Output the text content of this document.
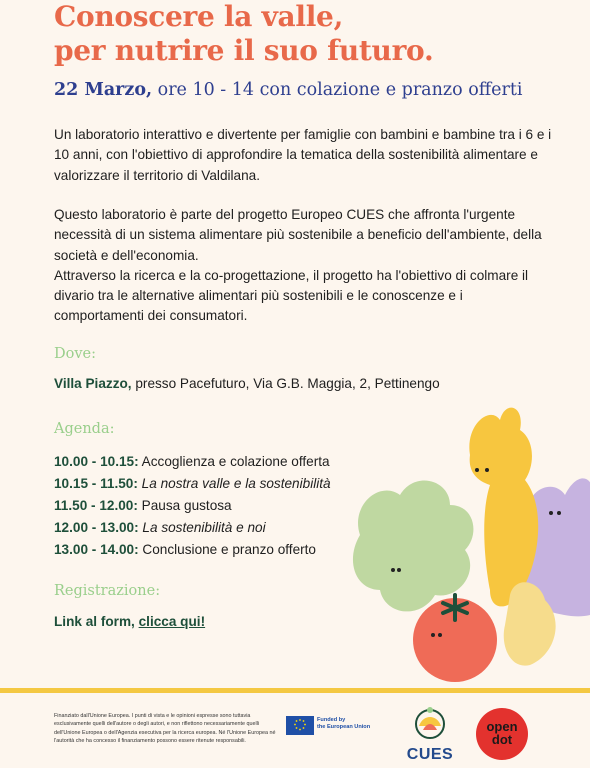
Conoscere la valle,
per nutrire il suo futuro.
22 Marzo, ore 10 - 14 con colazione e pranzo offerti

Un laboratorio interattivo e divertente per famiglie con bambini e bambine tra i 6 e i 10 anni, con l'obiettivo di approfondire la tematica della sostenibilità alimentare e valorizzare il territorio di Valdilana.

Questo laboratorio è parte del progetto Europeo CUES che affronta l'urgente necessità di un sistema alimentare più sostenibile a beneficio dell'ambiente, della società e dell'economia.

Attraverso la ricerca e la co-progettazione, il progetto ha l'obiettivo di colmare il divario tra le alternative alimentari più sostenibili e le conoscenze e i comportamenti dei consumatori.

Dove:
Villa Piazzo, presso Pacefuturo, Via G.B. Maggia, 2, Pettinengo
Agenda:
10.00 - 10.15: Accoglienza e colazione offerta
10.15 - 11.50: La nostra valle e la sostenibilità
11.50 - 12.00: Pausa gustosa
12.00 - 13.00: La sostenibilità e noi
13.00 - 14.00: Conclusione e pranzo offerto
Registrazione:
Link al form, clicca qui!
Finanziato dall'Unione Europea. I punti di vista e le opinioni espresse sono tuttavia esclusivamente quelli dell'autore o degli autori, e non riflettono necessariamente quelli dell'Unione Europea o dell'Agenzia esecutiva per la ricerca europea. Né l'Unione Europea né l'autorità che ha concesso il finanziamento possono essere ritenute responsabili.
Funded by
the European Union
CUES
open
dot
